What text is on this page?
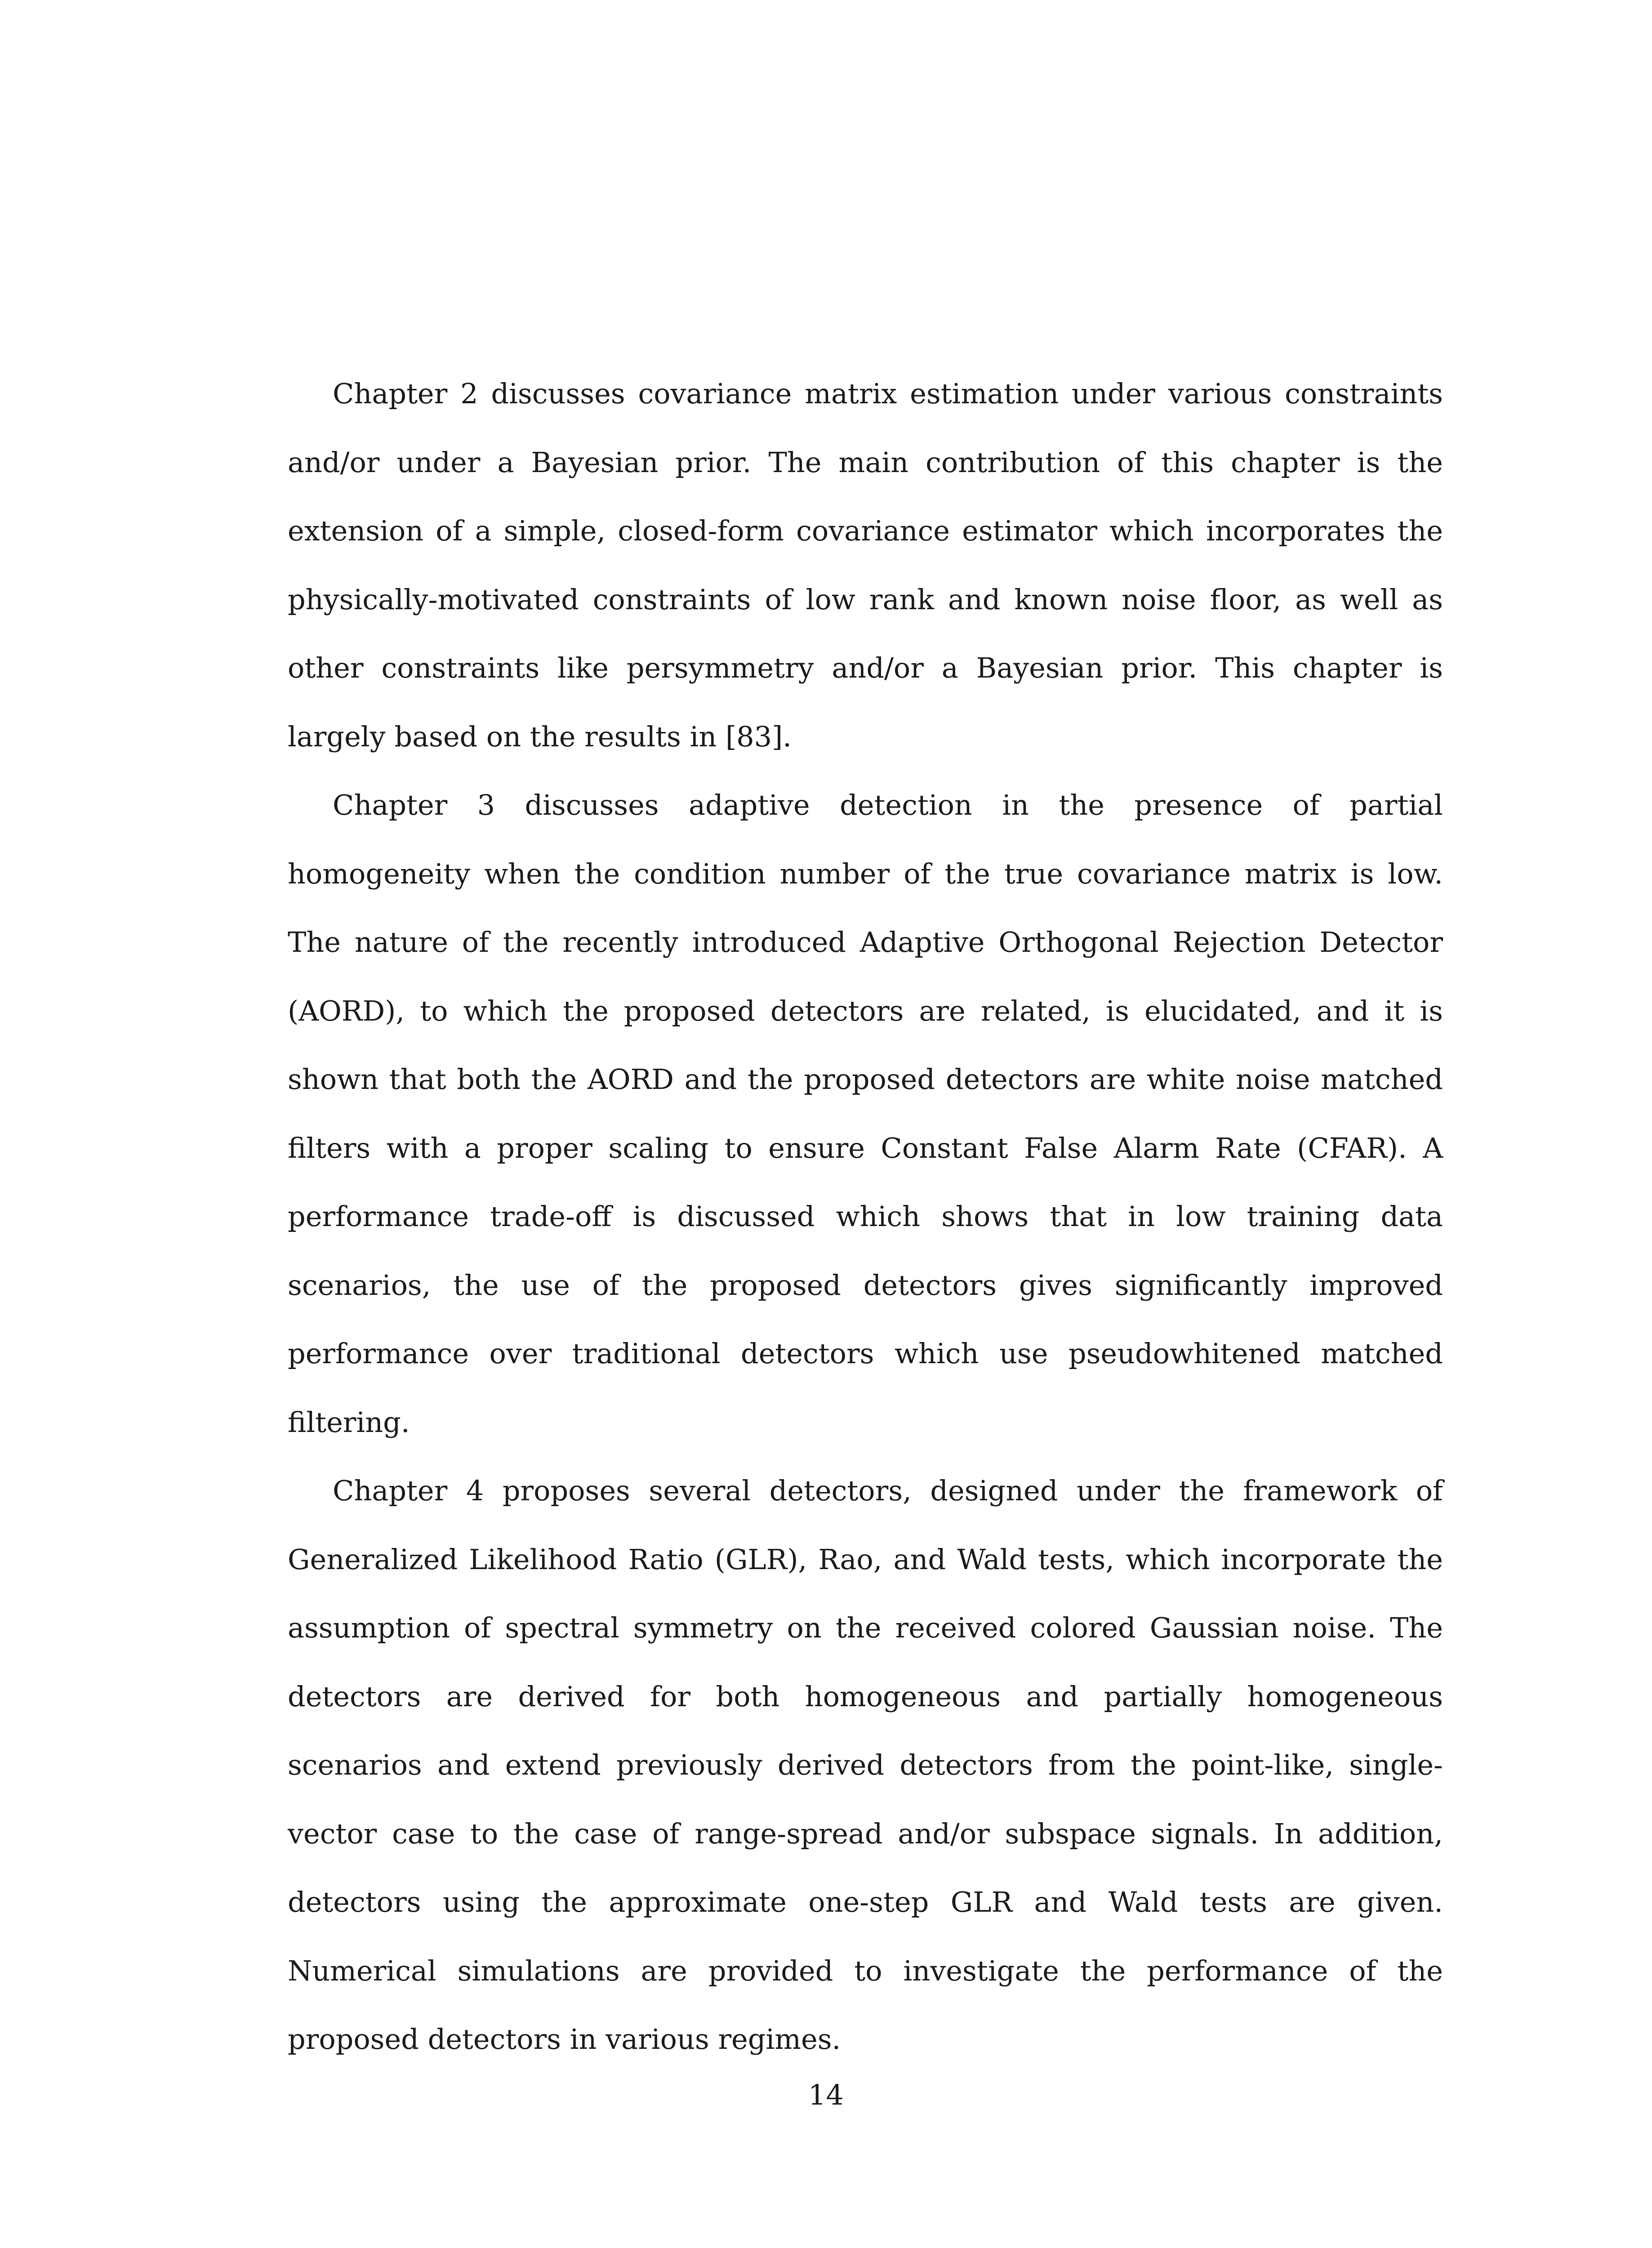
Chapter 2 discusses covariance matrix estimation under various constraints and/or under a Bayesian prior. The main contribution of this chapter is the extension of a simple, closed-form covariance estimator which incorporates the physically-motivated constraints of low rank and known noise floor, as well as other constraints like persymmetry and/or a Bayesian prior. This chapter is largely based on the results in [83].

Chapter 3 discusses adaptive detection in the presence of partial homogeneity when the condition number of the true covariance matrix is low. The nature of the recently introduced Adaptive Orthogonal Rejection Detector (AORD), to which the proposed detectors are related, is elucidated, and it is shown that both the AORD and the proposed detectors are white noise matched filters with a proper scaling to ensure Constant False Alarm Rate (CFAR). A performance trade-off is discussed which shows that in low training data scenarios, the use of the proposed detectors gives significantly improved performance over traditional detectors which use pseudowhitened matched filtering.

Chapter 4 proposes several detectors, designed under the framework of Generalized Likelihood Ratio (GLR), Rao, and Wald tests, which incorporate the assumption of spectral symmetry on the received colored Gaussian noise. The detectors are derived for both homogeneous and partially homogeneous scenarios and extend previously derived detectors from the point-like, single-vector case to the case of range-spread and/or subspace signals. In addition, detectors using the approximate one-step GLR and Wald tests are given. Numerical simulations are provided to investigate the performance of the proposed detectors in various regimes.

14
